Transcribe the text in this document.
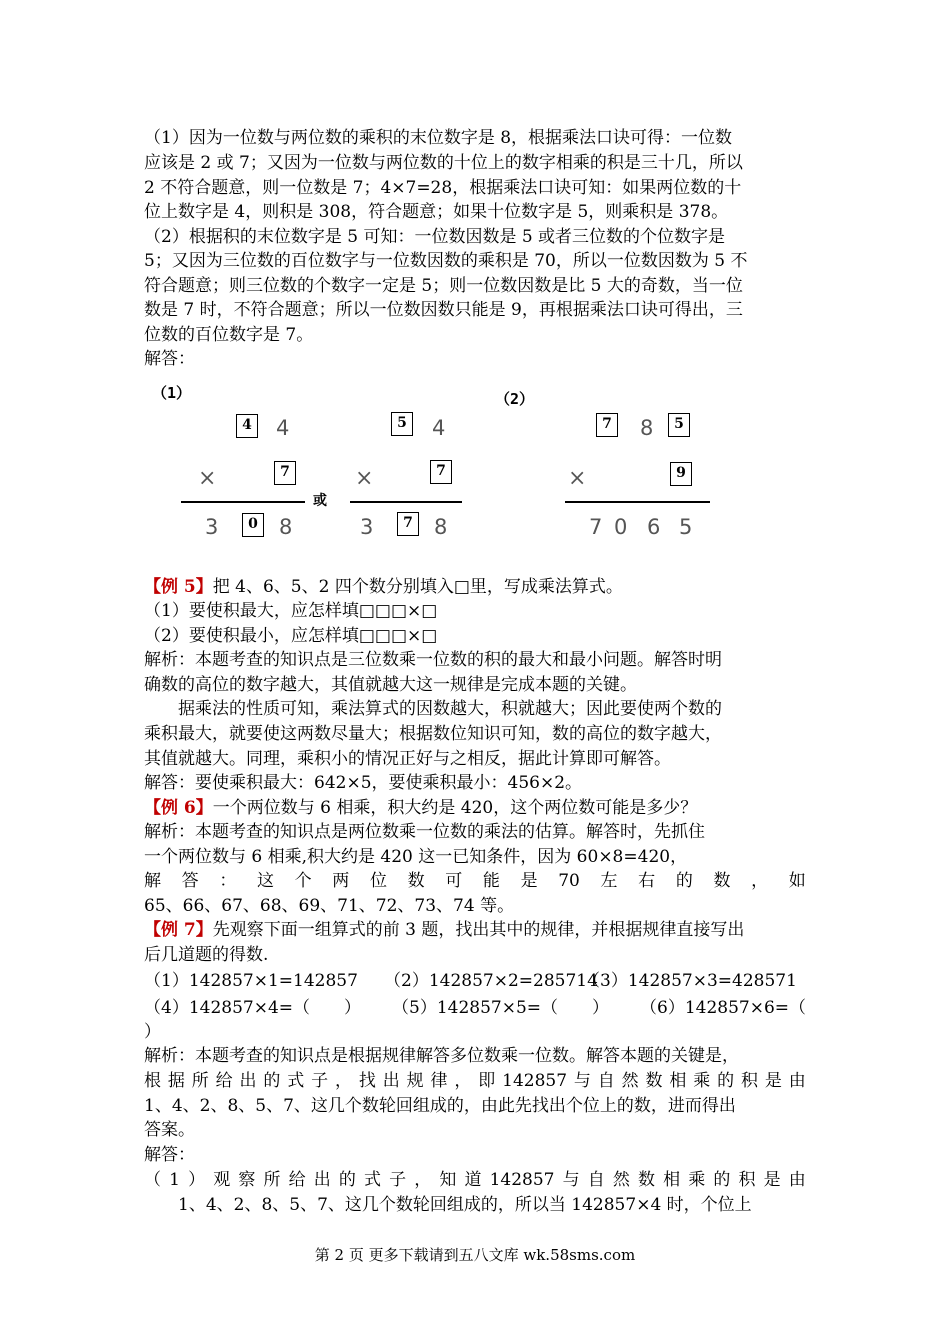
（1）因为一位数与两位数的乘积的末位数字是 8，根据乘法口诀可得：一位数
应该是 2 或 7；又因为一位数与两位数的十位上的数字相乘的积是三十几，所以
2 不符合题意，则一位数是 7；4×7=28，根据乘法口诀可知：如果两位数的十
位上数字是 4，则积是 308，符合题意；如果十位数字是 5，则乘积是 378。
（2）根据积的末位数字是 5 可知：一位数因数是 5 或者三位数的个位数字是
5；又因为三位数的百位数字与一位数因数的乘积是 70，所以一位数因数为 5 不
符合题意；则三位数的个数字一定是 5；则一位数因数是比 5 大的奇数，当一位
数是 7 时，不符合题意；所以一位数因数只能是 9，再根据乘法口诀可得出，三
位数的百位数字是 7。
解答：
（1）	（2）
4 4
×	7
或
3	0 8
5 4
×	7
3	7 8
7 8	5
×	9
7 0 6 5
【例 5】把 4、6、5、2 四个数分别填入□里，写成乘法算式。
（1）要使积最大，应怎样填□□□×□
（2）要使积最小，应怎样填□□□×□
解析：本题考查的知识点是三位数乘一位数的积的最大和最小问题。解答时明
确数的高位的数字越大，其值就越大这一规律是完成本题的关键。
据乘法的性质可知，乘法算式的因数越大，积就越大；因此要使两个数的
乘积最大，就要使这两数尽量大；根据数位知识可知，数的高位的数字越大，
其值就越大。同理，乘积小的情况正好与之相反，据此计算即可解答。
解答：要使乘积最大：642×5，要使乘积最小：456×2。
【例 6】一个两位数与 6 相乘，积大约是 420，这个两位数可能是多少？
解析：本题考查的知识点是两位数乘一位数的乘法的估算。解答时，先抓住
一个两位数与 6 相乘,积大约是 420 这一已知条件，因为 60×8=420，
解 答 ： 这 个 两 位 数 可 能 是 70 左 右 的 数 ， 如
65、66、67、68、69、71、72、73、74 等。
【例 7】先观察下面一组算式的前 3 题，找出其中的规律，并根据规律直接写出
后几道题的得数.
（1）142857×1=142857 （2）142857×2=285714
（3）142857×3=428571
（4）142857×4=（　　） （5）142857×5=（　　） （6）142857×6=（
）
解析：本题考查的知识点是根据规律解答多位数乘一位数。解答本题的关键是，
根 据 所 给 出 的 式 子 ， 找 出 规 律 ， 即 142857 与 自 然 数 相 乘 的 积 是 由
1、4、2、8、5、7、这几个数轮回组成的，由此先找出个位上的数，进而得出
答案。
解答：
（ 1 ） 观 察 所 给 出 的 式 子 ， 知 道 142857 与 自 然 数 相 乘 的 积 是 由
1、4、2、8、5、7、这几个数轮回组成的，所以当 142857×4 时，个位上
第 2 页 更多下载请到五八文库 wk.58sms.com
